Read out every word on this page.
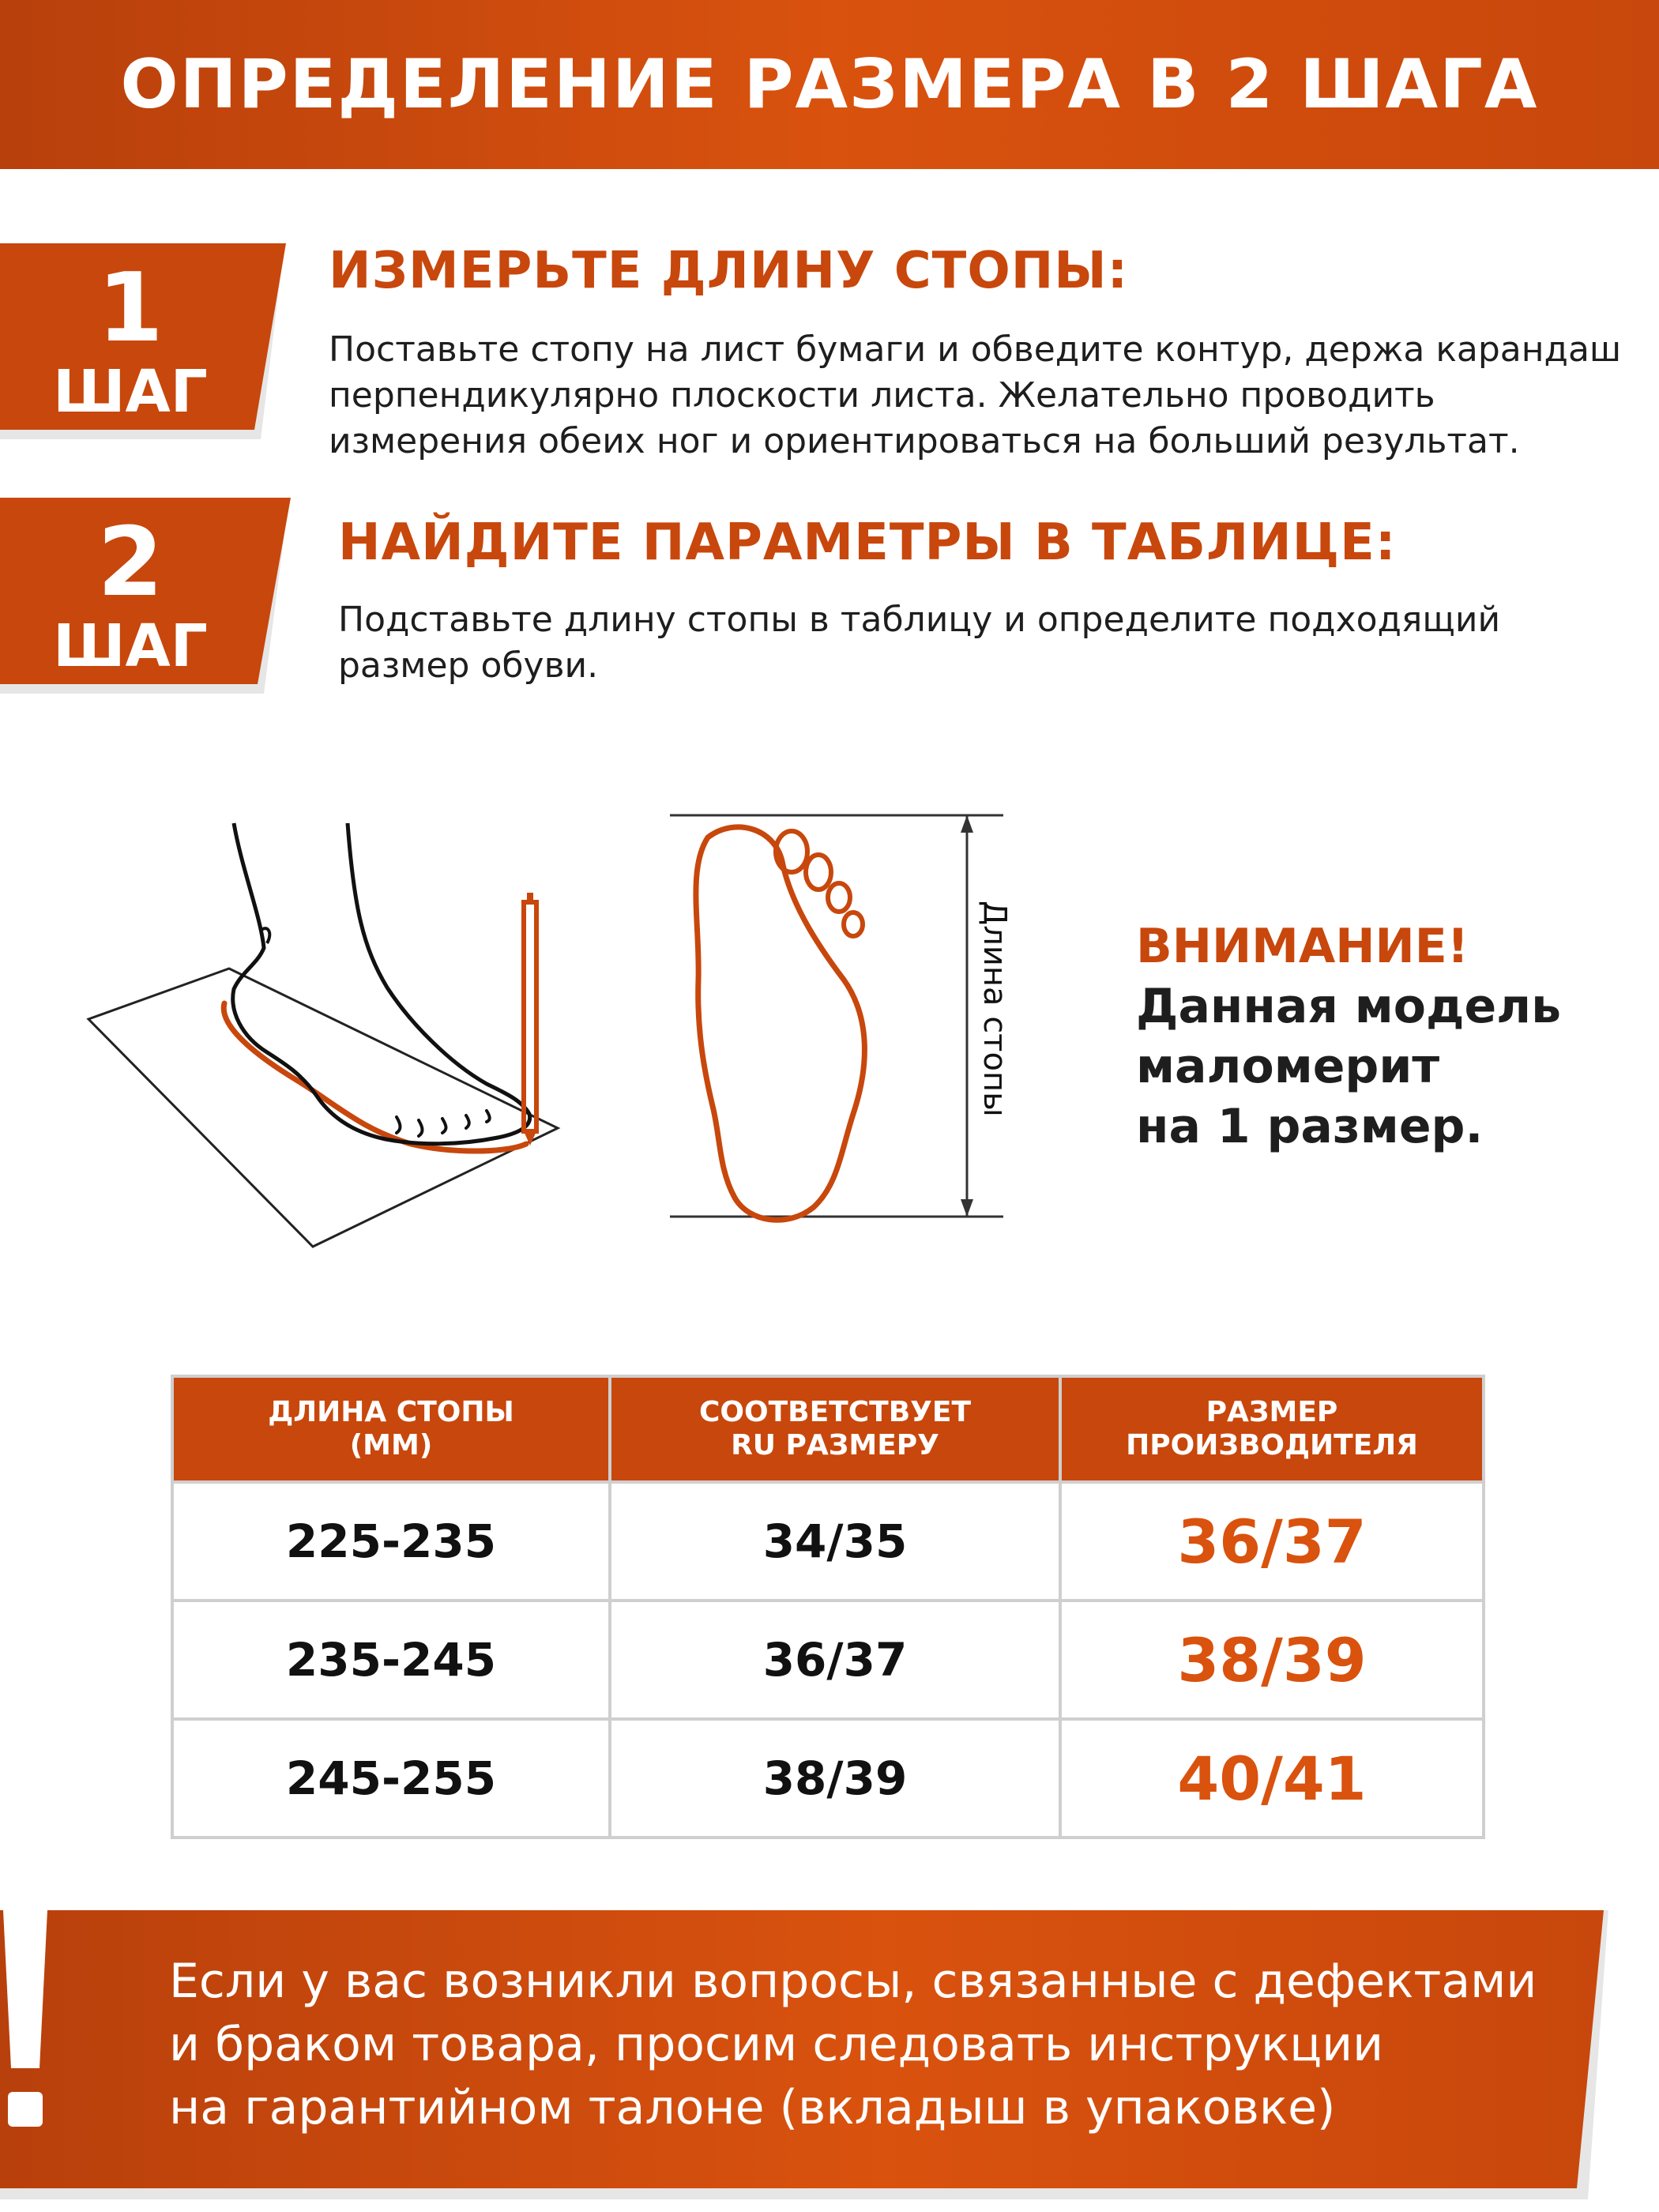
ОПРЕДЕЛЕНИЕ РАЗМЕРА В 2 ШАГА
1
ШАГ
ИЗМЕРЬТЕ ДЛИНУ СТОПЫ:
Поставьте стопу на лист бумаги и обведите контур, держа карандаш
перпендикулярно плоскости листа. Желательно проводить
измерения обеих ног и ориентироваться на больший результат.
2
ШАГ
НАЙДИТЕ ПАРАМЕТРЫ В ТАБЛИЦЕ:
Подставьте длину стопы в таблицу и определите подходящий
размер обуви.
Длина стопы	ВНИМАНИЕ!
Данная модель
маломерит
на 1 размер.
ДЛИНА СТОПЫ
(ММ)
СООТВЕТСТВУЕТ
RU РАЗМЕРУ
РАЗМЕР
ПРОИЗВОДИТЕЛЯ
225-235	34/35	36/37
235-245	36/37	38/39
245-255	38/39	40/41
Если у вас возникли вопросы, связанные с дефектами
и браком товара, просим следовать инструкции
на гарантийном талоне (вкладыш в упаковке)
